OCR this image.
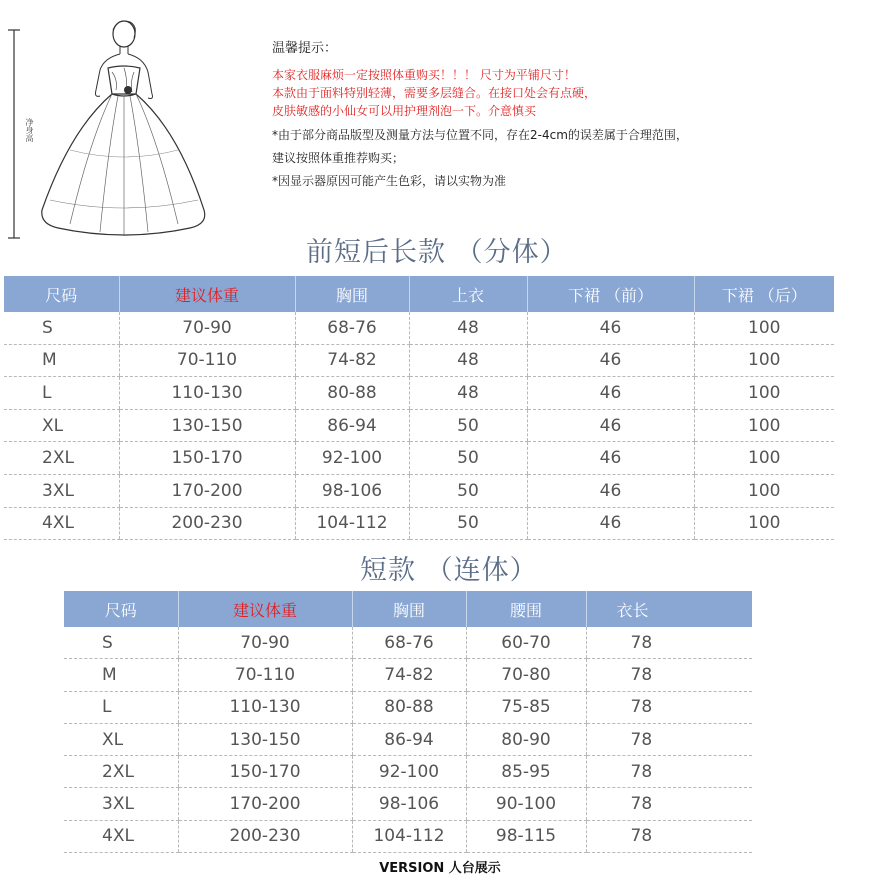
净身高
温馨提示：
本家衣服麻烦一定按照体重购买！！！ 尺寸为平铺尺寸！
本款由于面料特别轻薄，需要多层缝合。在接口处会有点硬，
皮肤敏感的小仙女可以用护理剂泡一下。介意慎买
*由于部分商品版型及测量方法与位置不同，存在2-4cm的误差属于合理范围，
建议按照体重推荐购买；
*因显示器原因可能产生色彩，请以实物为准
前短后长款 （分体）
尺码	建议体重	胸围	上衣	下裙 （前）	下裙 （后）
S	70-90	68-76	48	46	100
M	70-110	74-82	48	46	100
L	110-130	80-88	48	46	100
XL	130-150	86-94	50	46	100
2XL	150-170	92-100	50	46	100
3XL	170-200	98-106	50	46	100
4XL	200-230	104-112	50	46	100
短款 （连体）
尺码	建议体重	胸围	腰围	衣长
S	70-90	68-76	60-70	78
M	70-110	74-82	70-80	78
L	110-130	80-88	75-85	78
XL	130-150	86-94	80-90	78
2XL	150-170	92-100	85-95	78
3XL	170-200	98-106	90-100	78
4XL	200-230	104-112	98-115	78
VERSION 人台展示
